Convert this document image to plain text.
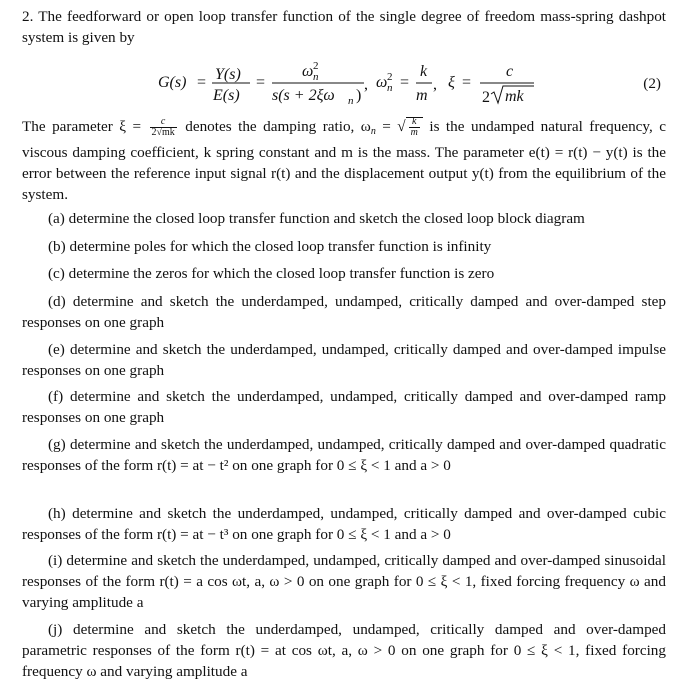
2. The feedforward or open loop transfer function of the single degree of freedom mass-spring dashpot system is given by

G(s) = Y(s)
E(s)
=
ω 2
n
s(s + 2ξω n )
, ω 2
n =
k
m
, ξ =
c
2 mk
(2)

The parameter $\xi = \frac{c}{2√mk}$ denotes the damping ratio, ωn = √ $\frac{k}{m}$ is the undamped natural frequency, c viscous damping coefficient, k spring constant and m is the mass. The parameter e(t) = r(t) − y(t) is the error between the reference input signal r(t) and the displacement output y(t) from the equilibrium of the system.

(a) determine the closed loop transfer function and sketch the closed loop block diagram

(b) determine poles for which the closed loop transfer function is infinity

(c) determine the zeros for which the closed loop transfer function is zero

(d) determine and sketch the underdamped, undamped, critically damped and over-damped step responses on one graph

(e) determine and sketch the underdamped, undamped, critically damped and over-damped impulse responses on one graph

(f) determine and sketch the underdamped, undamped, critically damped and over-damped ramp responses on one graph

(g) determine and sketch the underdamped, undamped, critically damped and over-damped quadratic responses of the form r(t) = at − t² on one graph for 0 ≤ ξ < 1 and a > 0

(h) determine and sketch the underdamped, undamped, critically damped and over-damped cubic responses of the form r(t) = at − t³ on one graph for 0 ≤ ξ < 1 and a > 0

(i) determine and sketch the underdamped, undamped, critically damped and over-damped sinusoidal responses of the form r(t) = a cos ωt, a, ω > 0 on one graph for 0 ≤ ξ < 1, fixed forcing frequency ω and varying amplitude a

(j) determine and sketch the underdamped, undamped, critically damped and over-damped parametric responses of the form r(t) = at cos ωt, a, ω > 0 on one graph for 0 ≤ ξ < 1, fixed forcing frequency ω and varying amplitude a
